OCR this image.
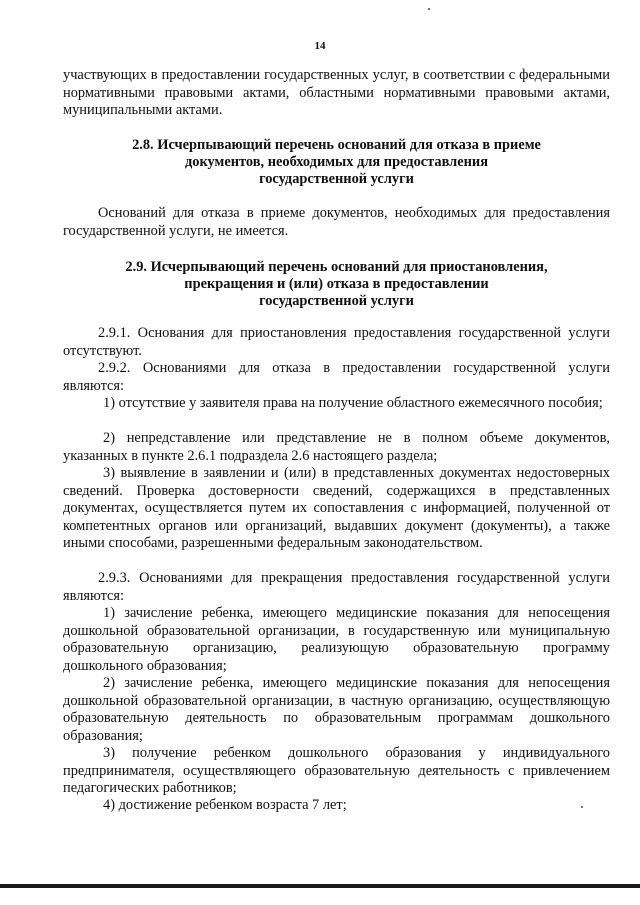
14
участвующих в предоставлении государственных услуг, в соответствии с федеральными нормативными правовыми актами, областными нормативными правовыми актами, муниципальными актами.
2.8. Исчерпывающий перечень оснований для отказа в приеме
документов, необходимых для предоставления
государственной услуги
Оснований для отказа в приеме документов, необходимых для предоставления государственной услуги, не имеется.
2.9. Исчерпывающий перечень оснований для приостановления,
прекращения и (или) отказа в предоставлении
государственной услуги
2.9.1. Основания для приостановления предоставления государственной услуги отсутствуют.
2.9.2. Основаниями для отказа в предоставлении государственной услуги являются:
1) отсутствие у заявителя права на получение областного ежемесячного пособия;
2) непредставление или представление не в полном объеме документов, указанных в пункте 2.6.1 подраздела 2.6 настоящего раздела;
3) выявление в заявлении и (или) в представленных документах недостоверных сведений. Проверка достоверности сведений, содержащихся в представленных документах, осуществляется путем их сопоставления с информацией, полученной от компетентных органов или организаций, выдавших документ (документы), а также иными способами, разрешенными федеральным законодательством.
2.9.3. Основаниями для прекращения предоставления государственной услуги являются:
1) зачисление ребенка, имеющего медицинские показания для непосещения дошкольной образовательной организации, в государственную или муниципальную образовательную организацию, реализующую образовательную программу дошкольного образования;
2) зачисление ребенка, имеющего медицинские показания для непосещения дошкольной образовательной организации, в частную организацию, осуществляющую образовательную деятельность по образовательным программам дошкольного образования;
3) получение ребенком дошкольного образования у индивидуального предпринимателя, осуществляющего образовательную деятельность с привлечением педагогических работников;
4) достижение ребенком возраста 7 лет;
